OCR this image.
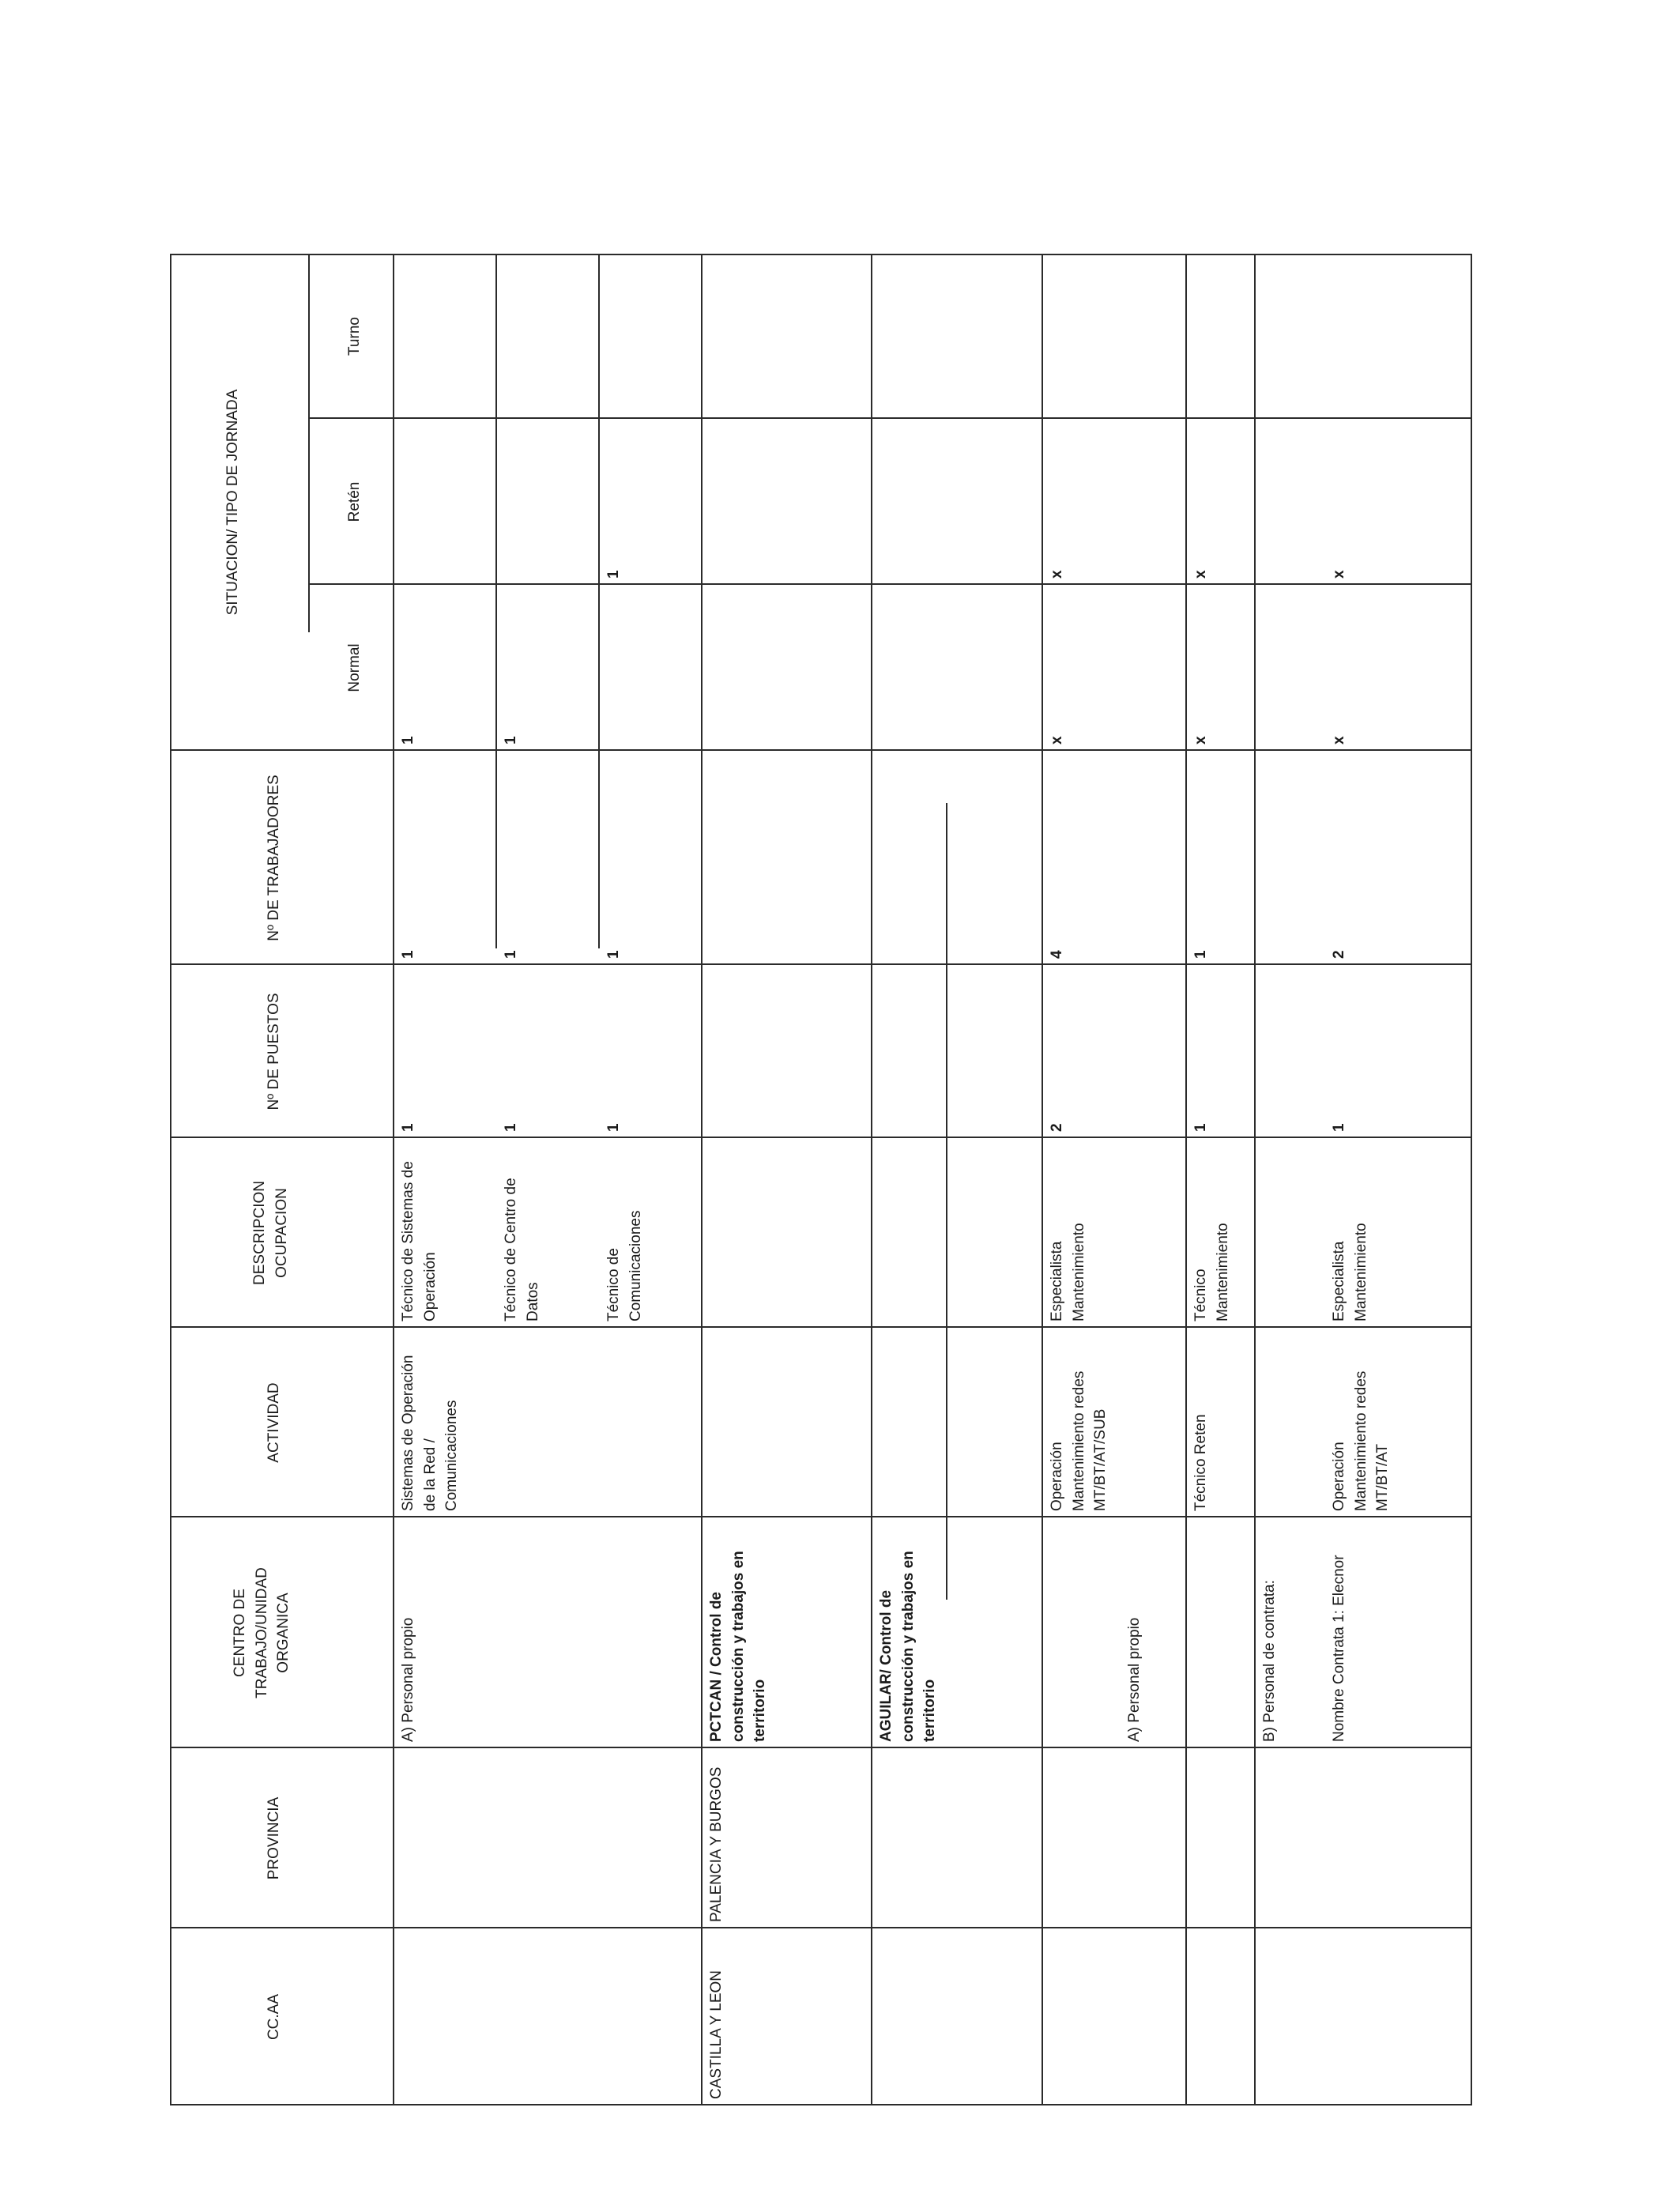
CC.AA
PROVINCIA
CENTRO DE
TRABAJO/UNIDAD
ORGANICA
ACTIVIDAD
DESCRIPCION
OCUPACION
Nº DE PUESTOS
Nº DE TRABAJADORES
SITUACION/ TIPO DE JORNADA
Normal
Retén
Turno
A) Personal propio
Sistemas de Operación
de la Red /
Comunicaciones
Técnico de Sistemas de
Operación
1
1
1
Técnico de Centro de
Datos
1
1
1
Técnico de
Comunicaciones
1
1
1
CASTILLA Y LEON
PALENCIA Y BURGOS
PCTCAN / Control de
construcción y trabajos en
territorio	AGUILAR/ Control de
construcción y trabajos en
territorio
Operación
Mantenimiento redes
MT/BT/AT/SUB
Especialista
Mantenimiento
2
4
x
x
A) Personal propio
Técnico Reten
Técnico
Mantenimiento
1
1
x
x
B) Personal de contrata:	Nombre Contrata 1: Elecnor
Operación
Mantenimiento redes
MT/BT/AT
Especialista
Mantenimiento
1
2
x
x
